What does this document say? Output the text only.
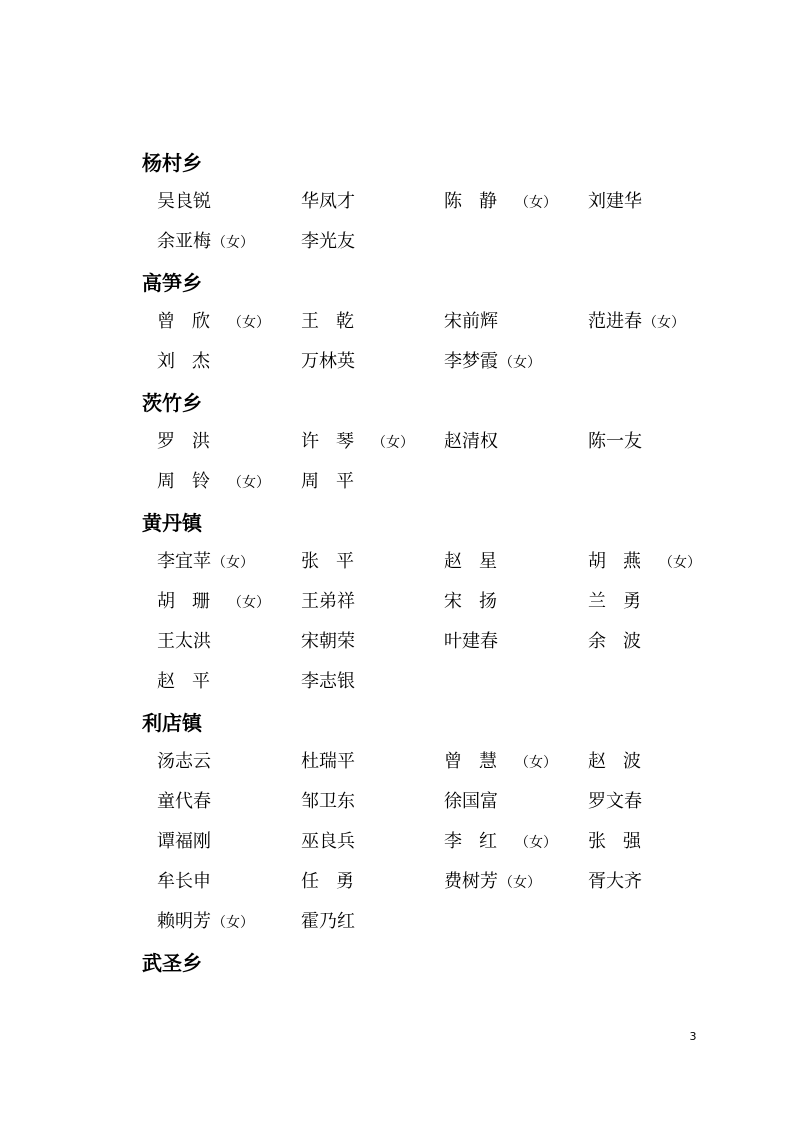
杨村乡
吴良锐	华凤才	陈静（女） 刘建华
余亚梅（女）	李光友
高笋乡
曾欣（女） 王乾	宋前辉	范进春（女）
刘杰	万林英	李梦霞（女）
茨竹乡
罗洪	许琴（女） 赵清权	陈一友
周铃（女） 周平
黄丹镇
李宜苹（女）	张平	赵星	胡燕（女）
胡珊（女） 王弟祥	宋扬	兰勇
王太洪	宋朝荣	叶建春	余波
赵平	李志银
利店镇
汤志云	杜瑞平	曾慧（女） 赵波
童代春	邹卫东	徐国富	罗文春
谭福刚	巫良兵	李红（女） 张强
牟长申	任勇	费树芳（女）	胥大齐
赖明芳（女）	霍乃红
武圣乡
3
